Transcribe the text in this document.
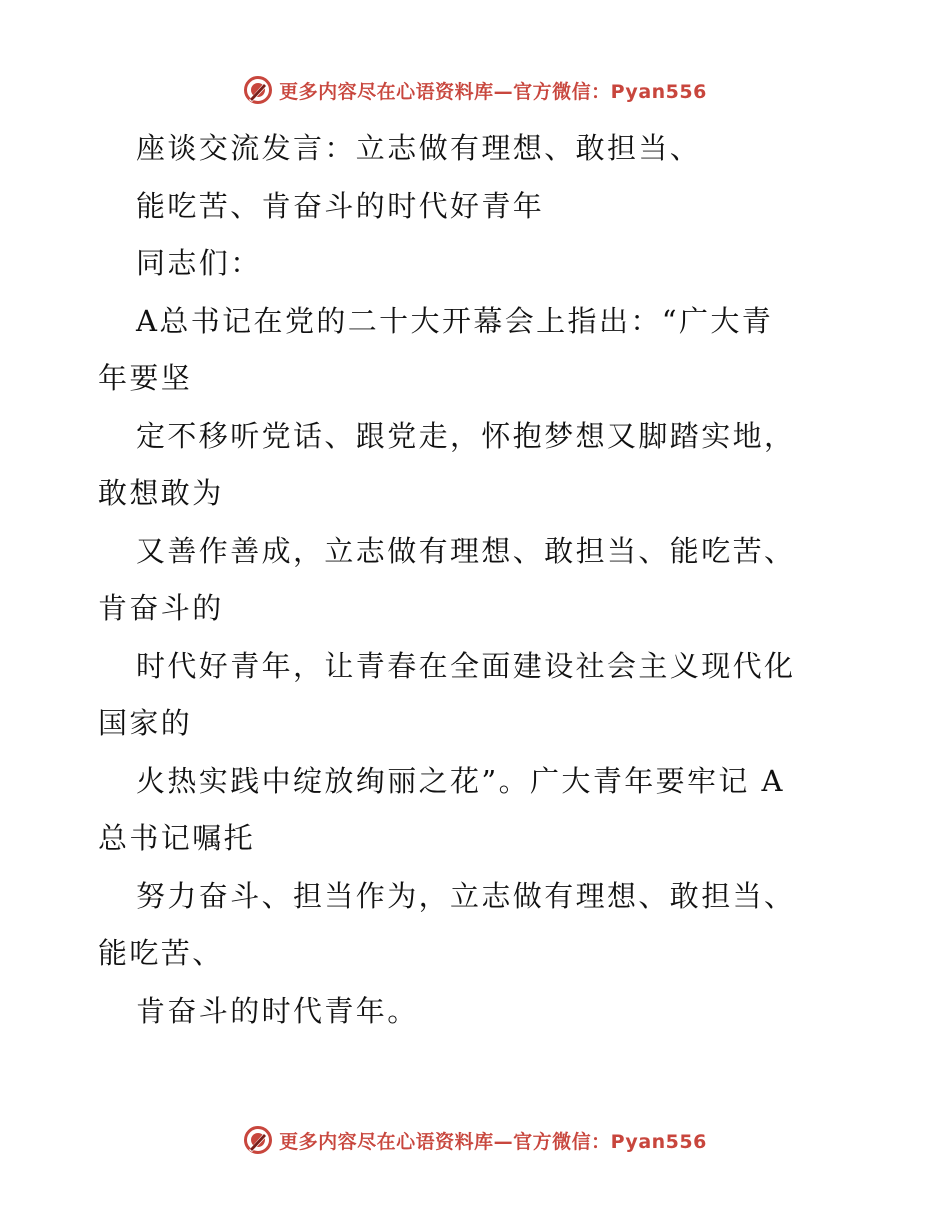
更多内容尽在心语资料库—官方微信：Pyan556

座谈交流发言：立志做有理想、敢担当、

能吃苦、肯奋斗的时代好青年

同志们：

A总书记在党的二十大开幕会上指出：“广大青

年要坚

定不移听党话、跟党走，怀抱梦想又脚踏实地，

敢想敢为

又善作善成，立志做有理想、敢担当、能吃苦、

肯奋斗的

时代好青年，让青春在全面建设社会主义现代化

国家的

火热实践中绽放绚丽之花”。广大青年要牢记 A

总书记嘱托

努力奋斗、担当作为，立志做有理想、敢担当、

能吃苦、

肯奋斗的时代青年。

更多内容尽在心语资料库—官方微信：Pyan556
